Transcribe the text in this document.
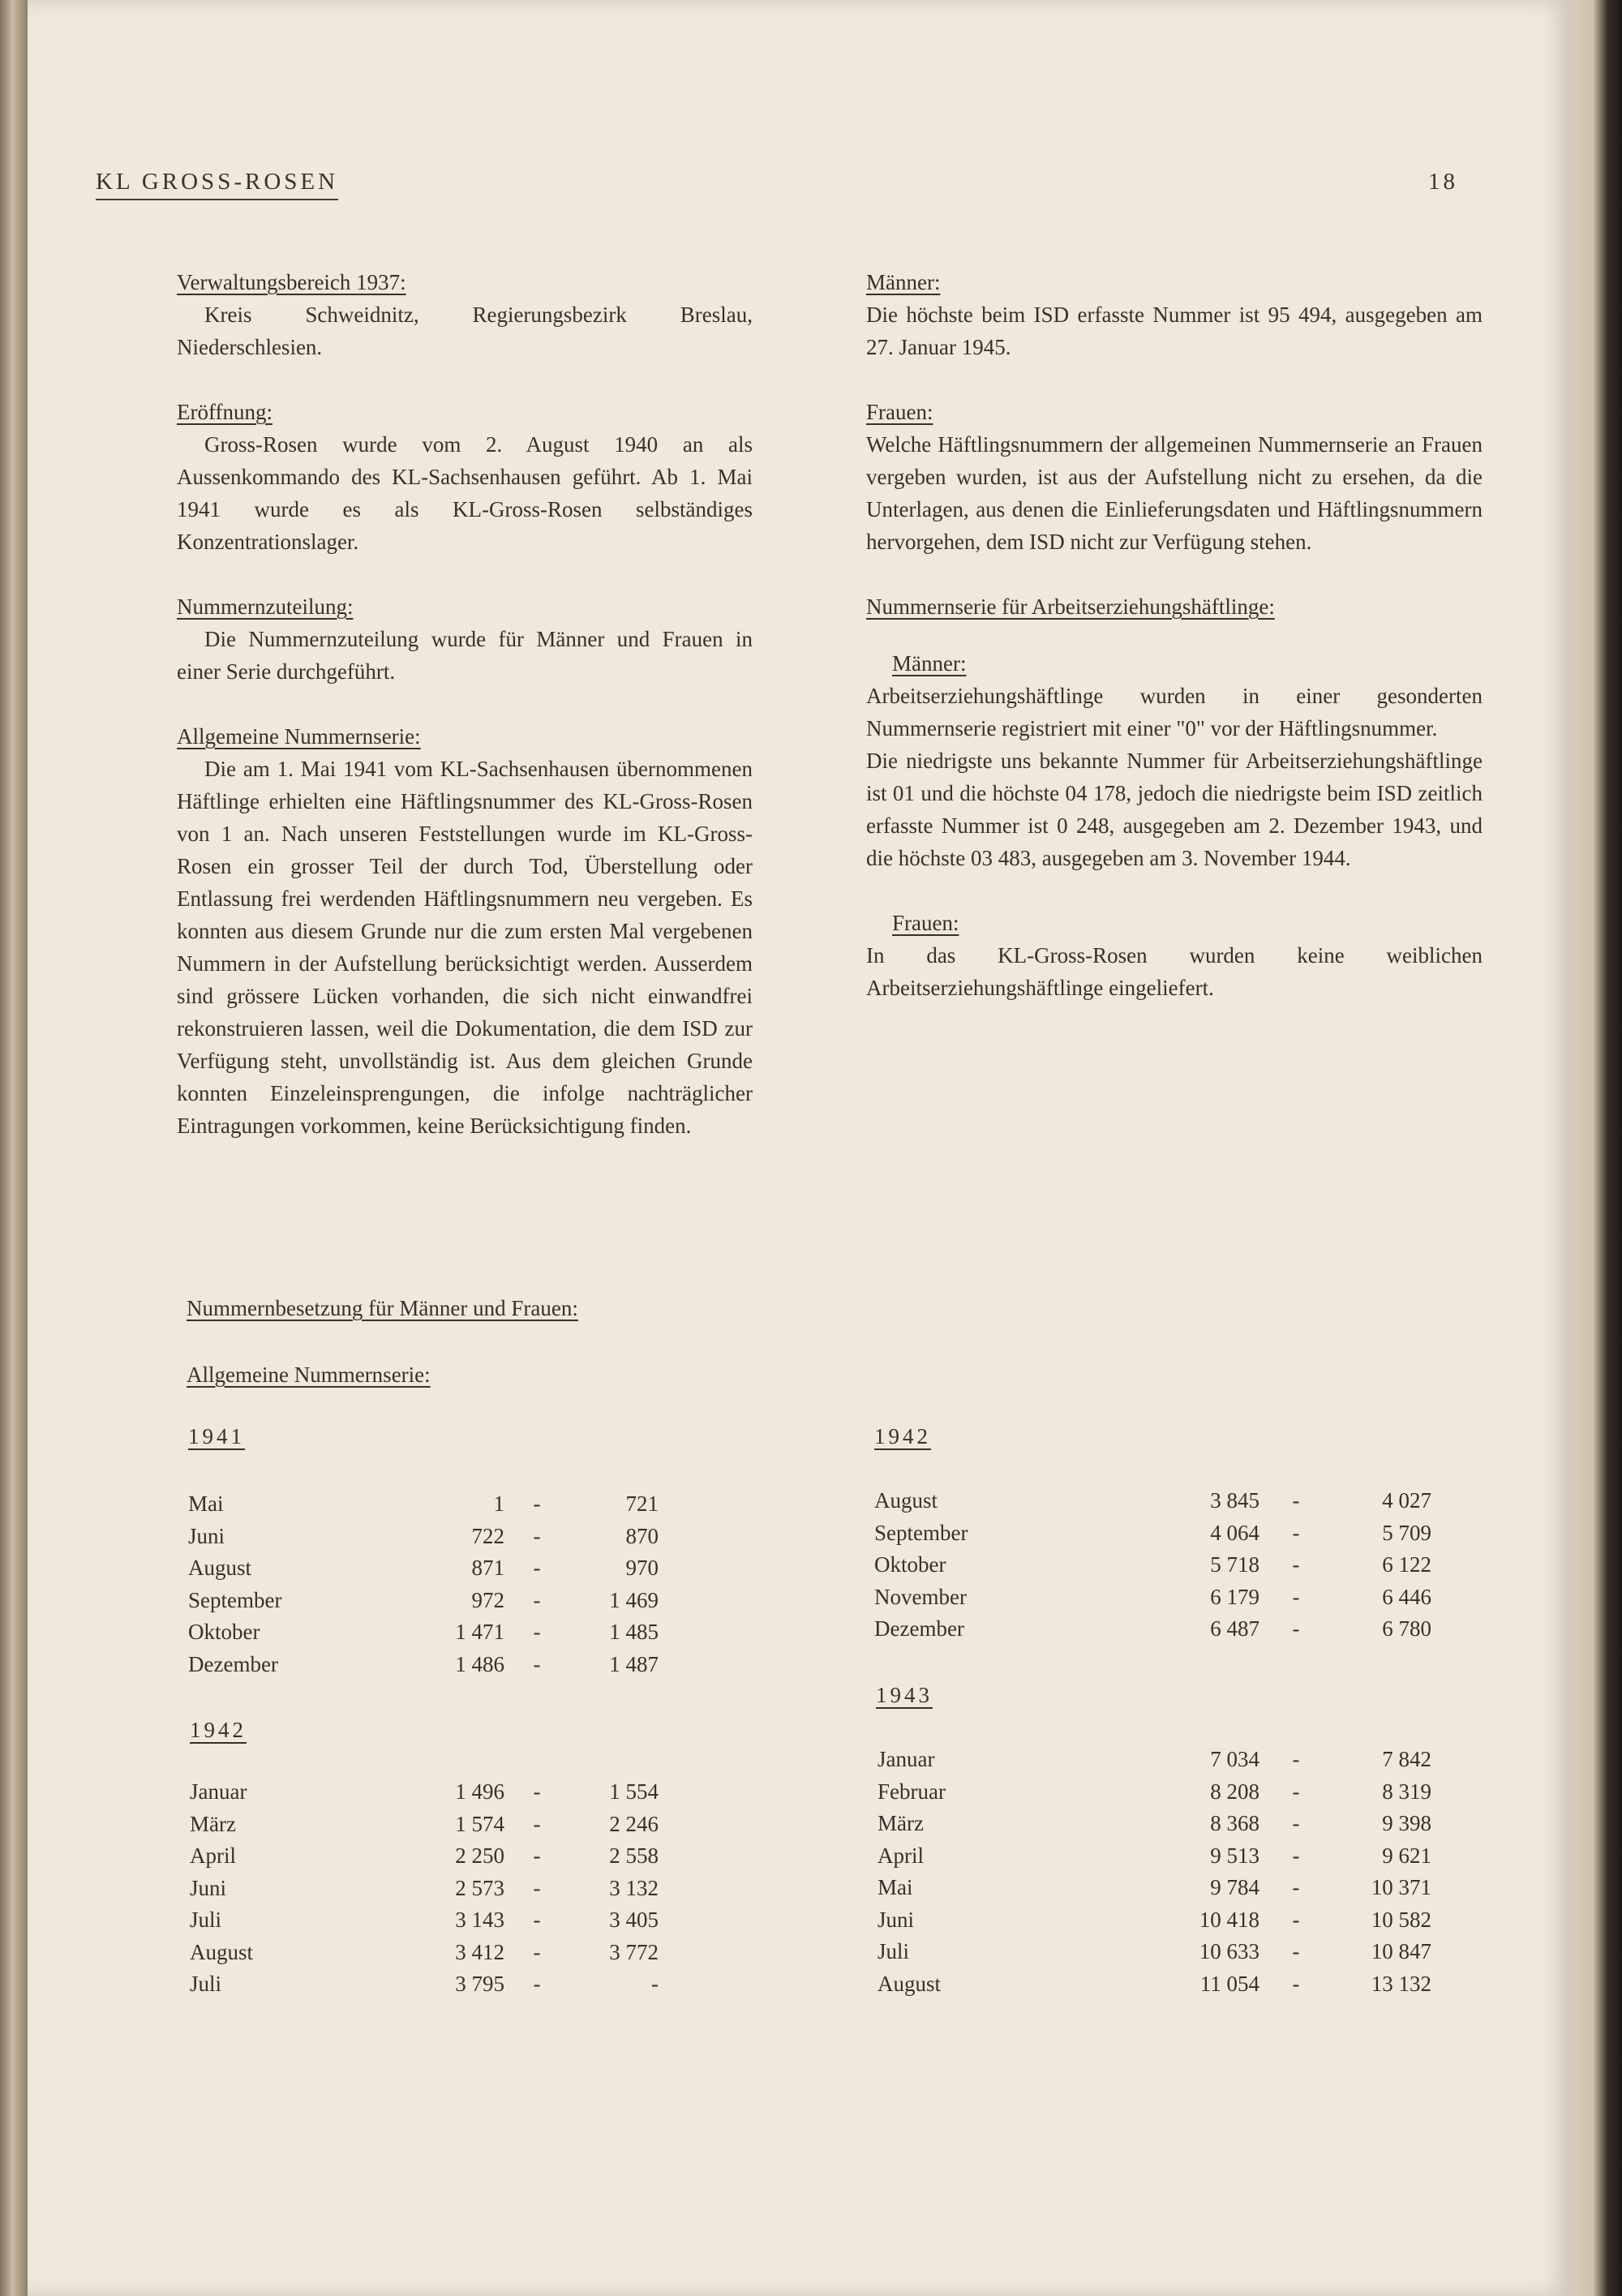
KL GROSS-ROSEN	18

Verwaltungsbereich 1937:

Kreis Schweidnitz, Regierungsbezirk Breslau, Niederschlesien.

Eröffnung:

Gross-Rosen wurde vom 2. August 1940 an als Aussenkommando des KL-Sachsenhausen geführt. Ab 1. Mai 1941 wurde es als KL-Gross-Rosen selbständiges Konzentrationslager.

Nummernzuteilung:

Die Nummernzuteilung wurde für Männer und Frauen in einer Serie durchgeführt.

Allgemeine Nummernserie:

Die am 1. Mai 1941 vom KL-Sachsenhausen übernommenen Häftlinge erhielten eine Häftlingsnummer des KL-Gross-Rosen von 1 an. Nach unseren Feststellungen wurde im KL-Gross-Rosen ein grosser Teil der durch Tod, Überstellung oder Entlassung frei werdenden Häftlingsnummern neu vergeben. Es konnten aus diesem Grunde nur die zum ersten Mal vergebenen Nummern in der Aufstellung berücksichtigt werden. Ausserdem sind grössere Lücken vorhanden, die sich nicht einwandfrei rekonstruieren lassen, weil die Dokumentation, die dem ISD zur Verfügung steht, unvollständig ist. Aus dem gleichen Grunde konnten Einzeleinsprengungen, die infolge nachträglicher Eintragungen vorkommen, keine Berücksichtigung finden.

Männer:

Die höchste beim ISD erfasste Nummer ist 95 494, ausgegeben am 27. Januar 1945.

Frauen:

Welche Häftlingsnummern der allgemeinen Nummernserie an Frauen vergeben wurden, ist aus der Aufstellung nicht zu ersehen, da die Unterlagen, aus denen die Einlieferungsdaten und Häftlingsnummern hervorgehen, dem ISD nicht zur Verfügung stehen.

Nummernserie für Arbeitserziehungshäftlinge:

Männer:

Arbeitserziehungshäftlinge wurden in einer gesonderten Nummernserie registriert mit einer "0" vor der Häftlingsnummer.

Die niedrigste uns bekannte Nummer für Arbeitserziehungshäftlinge ist 01 und die höchste 04 178, jedoch die niedrigste beim ISD zeitlich erfasste Nummer ist 0 248, ausgegeben am 2. Dezember 1943, und die höchste 03 483, ausgegeben am 3. November 1944.

Frauen:

In das KL-Gross-Rosen wurden keine weiblichen Arbeitserziehungshäftlinge eingeliefert.

Nummernbesetzung für Männer und Frauen:
Allgemeine Nummernserie:
1941
Mai	1	-	721
Juni	722	-	870
August	871	-	970
September	972	-	1 469
Oktober	1 471	-	1 485
Dezember	1 486	-	1 487
1942
Januar	1 496	-	1 554
März	1 574	-	2 246
April	2 250	-	2 558
Juni	2 573	-	3 132
Juli	3 143	-	3 405
August	3 412	-	3 772
Juli	3 795	-	-
1942
August	3 845	-	4 027
September	4 064	-	5 709
Oktober	5 718	-	6 122
November	6 179	-	6 446
Dezember	6 487	-	6 780
1943
Januar	7 034	-	7 842
Februar	8 208	-	8 319
März	8 368	-	9 398
April	9 513	-	9 621
Mai	9 784	-	10 371
Juni	10 418	-	10 582
Juli	10 633	-	10 847
August	11 054	-	13 132
